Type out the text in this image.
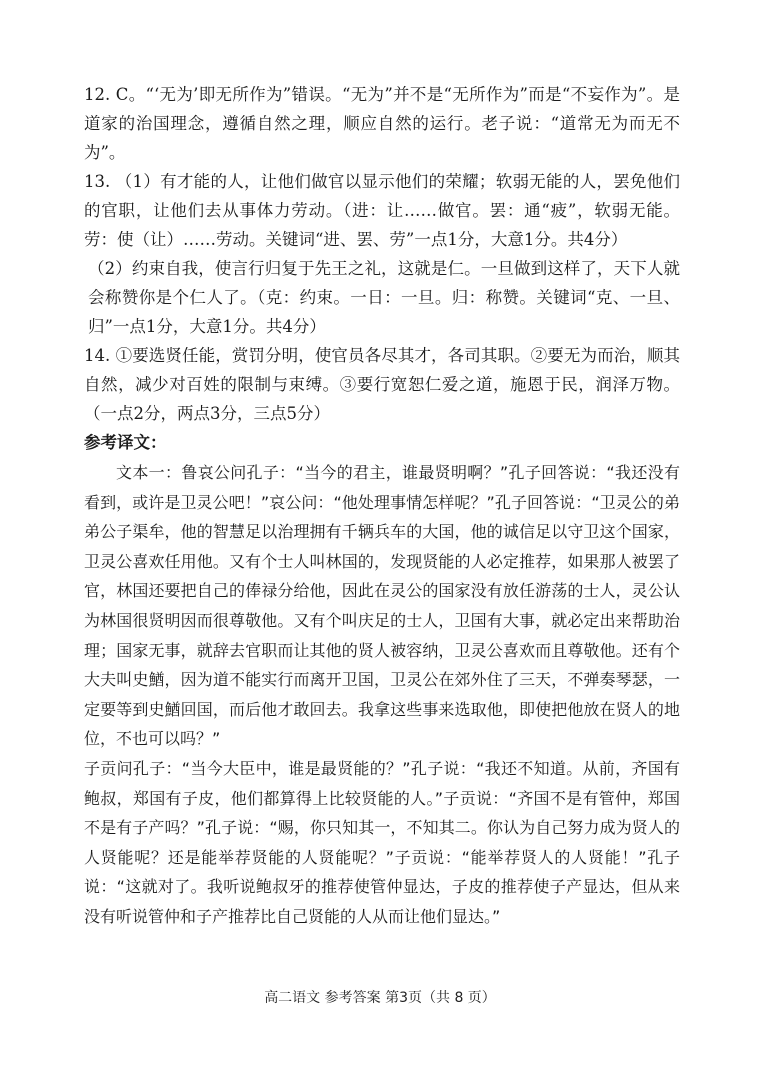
12. C。“‘无为’即无所作为”错误。“无为”并不是“无所作为”而是“不妄作为”。是道家的治国理念，遵循自然之理，顺应自然的运行。老子说：“道常无为而无不为”。

13. （1）有才能的人，让他们做官以显示他们的荣耀；软弱无能的人，罢免他们的官职，让他们去从事体力劳动。（进：让……做官。罢：通“疲”，软弱无能。劳：使（让）……劳动。关键词“进、罢、劳”一点1分，大意1分。共4分）

（2）约束自我，使言行归复于先王之礼，这就是仁。一旦做到这样了，天下人就会称赞你是个仁人了。（克：约束。一日：一旦。归：称赞。关键词“克、一旦、归”一点1分，大意1分。共4分）

14. ①要选贤任能，赏罚分明，使官员各尽其才，各司其职。②要无为而治，顺其自然，减少对百姓的限制与束缚。③要行宽恕仁爱之道，施恩于民，润泽万物。（一点2分，两点3分，三点5分）

参考译文：

文本一：鲁哀公问孔子：“当今的君主，谁最贤明啊？”孔子回答说：“我还没有看到，或许是卫灵公吧！”哀公问：“他处理事情怎样呢？”孔子回答说：“卫灵公的弟弟公子渠牟，他的智慧足以治理拥有千辆兵车的大国，他的诚信足以守卫这个国家，卫灵公喜欢任用他。又有个士人叫林国的，发现贤能的人必定推荐，如果那人被罢了官，林国还要把自己的俸禄分给他，因此在灵公的国家没有放任游荡的士人，灵公认为林国很贤明因而很尊敬他。又有个叫庆足的士人，卫国有大事，就必定出来帮助治理；国家无事，就辞去官职而让其他的贤人被容纳，卫灵公喜欢而且尊敬他。还有个大夫叫史鰌，因为道不能实行而离开卫国，卫灵公在郊外住了三天，不弹奏琴瑟，一定要等到史鰌回国，而后他才敢回去。我拿这些事来选取他，即使把他放在贤人的地位，不也可以吗？”

子贡问孔子：“当今大臣中，谁是最贤能的？”孔子说：“我还不知道。从前，齐国有鲍叔，郑国有子皮，他们都算得上比较贤能的人。”子贡说：“齐国不是有管仲，郑国不是有子产吗？”孔子说：“赐，你只知其一，不知其二。你认为自己努力成为贤人的人贤能呢？还是能举荐贤能的人贤能呢？”子贡说：“能举荐贤人的人贤能！”孔子说：“这就对了。我听说鲍叔牙的推荐使管仲显达，子皮的推荐使子产显达，但从来没有听说管仲和子产推荐比自己贤能的人从而让他们显达。”

高二语文 参考答案 第3页（共 8 页）
